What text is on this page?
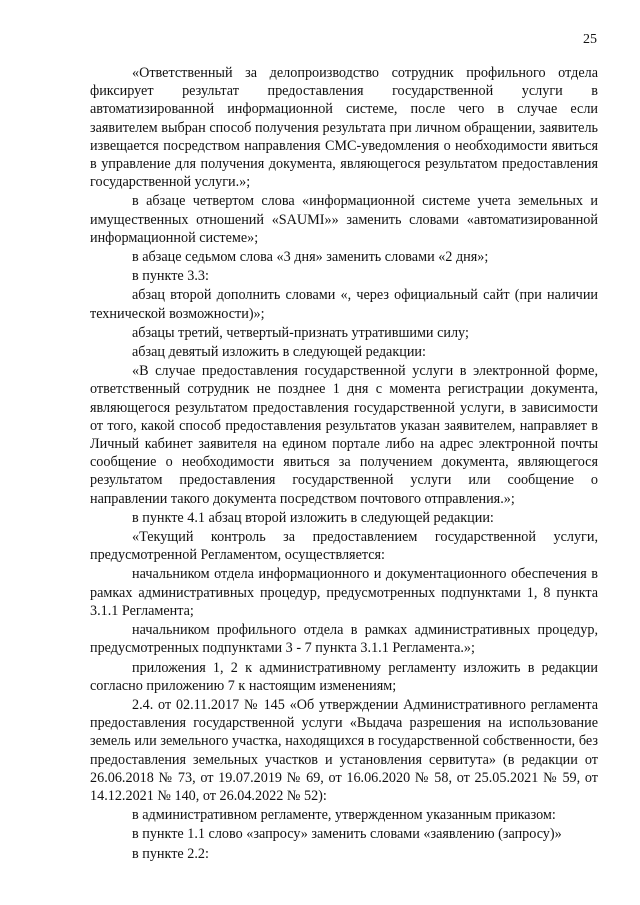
25

«Ответственный за делопроизводство сотрудник профильного отдела фиксирует результат предоставления государственной услуги в автоматизированной информационной системе, после чего в случае если заявителем выбран способ получения результата при личном обращении, заявитель извещается посредством направления СМС-уведомления о необходимости явиться в управление для получения документа, являющегося результатом предоставления государственной услуги.»;

в абзаце четвертом слова «информационной системе учета земельных и имущественных отношений «SAUMI»» заменить словами «автоматизированной информационной системе»;

в абзаце седьмом слова «3 дня» заменить словами «2 дня»;

в пункте 3.3:

абзац второй дополнить словами «, через официальный сайт (при наличии технической возможности)»;

абзацы третий, четвертый-признать утратившими силу;

абзац девятый изложить в следующей редакции:

«В случае предоставления государственной услуги в электронной форме, ответственный сотрудник не позднее 1 дня с момента регистрации документа, являющегося результатом предоставления государственной услуги, в зависимости от того, какой способ предоставления результатов указан заявителем, направляет в Личный кабинет заявителя на едином портале либо на адрес электронной почты сообщение о необходимости явиться за получением документа, являющегося результатом предоставления государственной услуги или сообщение о направлении такого документа посредством почтового отправления.»;

в пункте 4.1 абзац второй изложить в следующей редакции:

«Текущий контроль за предоставлением государственной услуги, предусмотренной Регламентом, осуществляется:

начальником отдела информационного и документационного обеспечения в рамках административных процедур, предусмотренных подпунктами 1, 8 пункта 3.1.1 Регламента;

начальником профильного отдела в рамках административных процедур, предусмотренных подпунктами 3 - 7 пункта 3.1.1 Регламента.»;

приложения 1, 2 к административному регламенту изложить в редакции согласно приложению 7 к настоящим изменениям;

2.4. от 02.11.2017 № 145 «Об утверждении Административного регламента предоставления государственной услуги «Выдача разрешения на использование земель или земельного участка, находящихся в государственной собственности, без предоставления земельных участков и установления сервитута» (в редакции от 26.06.2018 № 73, от 19.07.2019 № 69, от 16.06.2020 № 58, от 25.05.2021 № 59, от 14.12.2021 № 140, от 26.04.2022 № 52):

в административном регламенте, утвержденном указанным приказом:

в пункте 1.1 слово «запросу» заменить словами «заявлению (запросу)»

в пункте 2.2:
